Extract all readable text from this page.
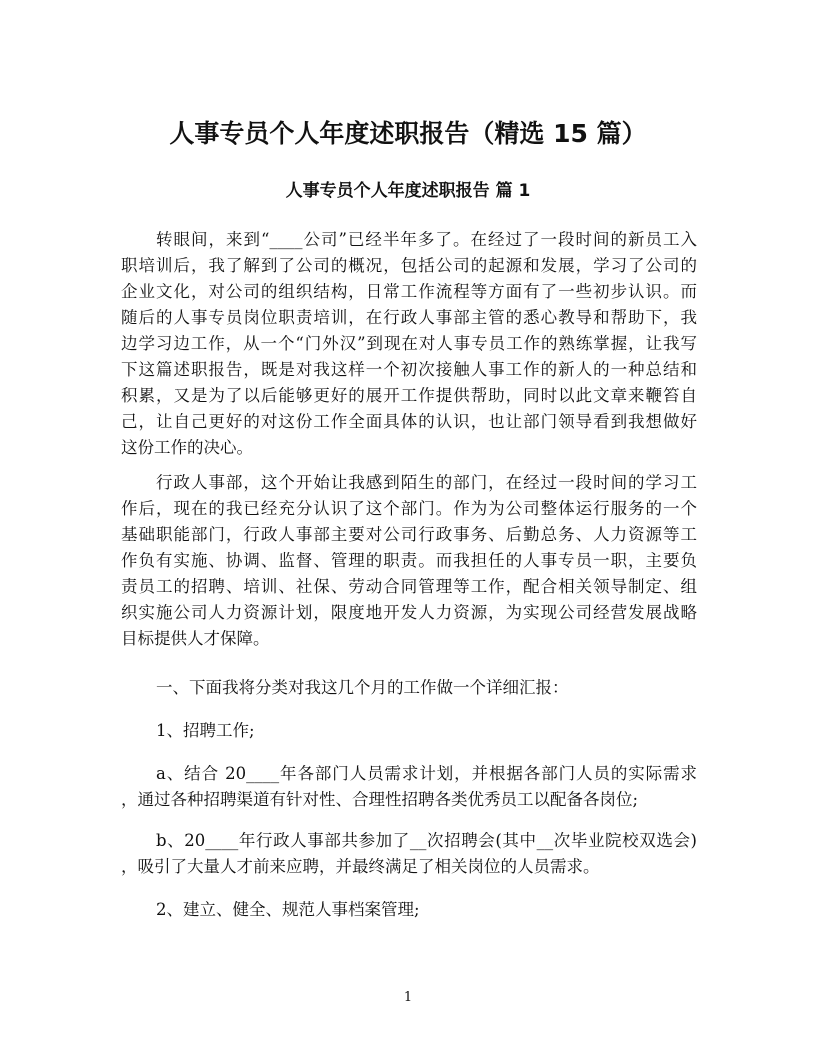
人事专员个人年度述职报告（精选 15 篇）
人事专员个人年度述职报告 篇 1
转眼间，来到“____公司”已经半年多了。在经过了一段时间的新员工入
职培训后，我了解到了公司的概况，包括公司的起源和发展，学习了公司的
企业文化，对公司的组织结构，日常工作流程等方面有了一些初步认识。而
随后的人事专员岗位职责培训，在行政人事部主管的悉心教导和帮助下，我
边学习边工作，从一个“门外汉”到现在对人事专员工作的熟练掌握，让我写
下这篇述职报告，既是对我这样一个初次接触人事工作的新人的一种总结和
积累，又是为了以后能够更好的展开工作提供帮助，同时以此文章来鞭笞自
己，让自己更好的对这份工作全面具体的认识，也让部门领导看到我想做好
这份工作的决心。
行政人事部，这个开始让我感到陌生的部门，在经过一段时间的学习工
作后，现在的我已经充分认识了这个部门。作为为公司整体运行服务的一个
基础职能部门，行政人事部主要对公司行政事务、后勤总务、人力资源等工
作负有实施、协调、监督、管理的职责。而我担任的人事专员一职，主要负
责员工的招聘、培训、社保、劳动合同管理等工作，配合相关领导制定、组
织实施公司人力资源计划，限度地开发人力资源，为实现公司经营发展战略
目标提供人才保障。
一、下面我将分类对我这几个月的工作做一个详细汇报：
1、招聘工作;
a、结合 20____年各部门人员需求计划，并根据各部门人员的实际需求
，通过各种招聘渠道有针对性、合理性招聘各类优秀员工以配备各岗位;
b、20____年行政人事部共参加了__次招聘会(其中__次毕业院校双选会)
，吸引了大量人才前来应聘，并最终满足了相关岗位的人员需求。
2、建立、健全、规范人事档案管理;
1
